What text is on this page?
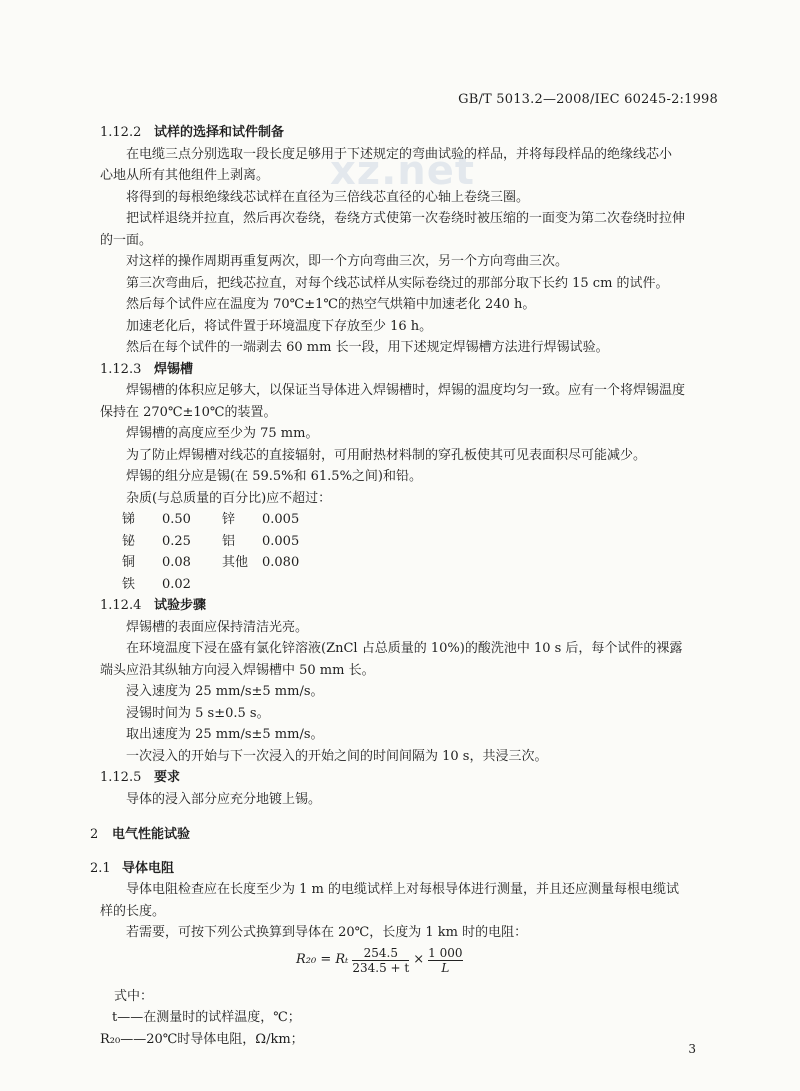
xz.net
GB/T 5013.2—2008/IEC 60245-2:1998

1.12.2 试样的选择和试件制备

在电缆三点分别选取一段长度足够用于下述规定的弯曲试验的样品，并将每段样品的绝缘线芯小

心地从所有其他组件上剥离。

将得到的每根绝缘线芯试样在直径为三倍线芯直径的心轴上卷绕三圈。

把试样退绕并拉直，然后再次卷绕，卷绕方式使第一次卷绕时被压缩的一面变为第二次卷绕时拉伸

的一面。

对这样的操作周期再重复两次，即一个方向弯曲三次，另一个方向弯曲三次。

第三次弯曲后，把线芯拉直，对每个线芯试样从实际卷绕过的那部分取下长约 15 cm 的试件。

然后每个试件应在温度为 70℃±1℃的热空气烘箱中加速老化 240 h。

加速老化后，将试件置于环境温度下存放至少 16 h。

然后在每个试件的一端剥去 60 mm 长一段，用下述规定焊锡槽方法进行焊锡试验。

1.12.3 焊锡槽

焊锡槽的体积应足够大，以保证当导体进入焊锡槽时，焊锡的温度均匀一致。应有一个将焊锡温度

保持在 270℃±10℃的装置。

焊锡槽的高度应至少为 75 mm。

为了防止焊锡槽对线芯的直接辐射，可用耐热材料制的穿孔板使其可见表面积尽可能减少。

焊锡的组分应是锡(在 59.5%和 61.5%之间)和铅。

杂质(与总质量的百分比)应不超过：

锑	0.50	锌	0.005
铋	0.25	铝	0.005
铜	0.08	其他	0.080
铁	0.02

1.12.4 试验步骤

焊锡槽的表面应保持清洁光亮。

在环境温度下浸在盛有氯化锌溶液(ZnCl 占总质量的 10%)的酸洗池中 10 s 后，每个试件的裸露

端头应沿其纵轴方向浸入焊锡槽中 50 mm 长。

浸入速度为 25 mm/s±5 mm/s。

浸锡时间为 5 s±0.5 s。

取出速度为 25 mm/s±5 mm/s。

一次浸入的开始与下一次浸入的开始之间的时间间隔为 10 s，共浸三次。

1.12.5 要求

导体的浸入部分应充分地镀上锡。

2 电气性能试验

2.1 导体电阻

导体电阻检查应在长度至少为 1 m 的电缆试样上对每根导体进行测量，并且还应测量每根电缆试

样的长度。

若需要，可按下列公式换算到导体在 20℃，长度为 1 km 时的电阻：

R₂₀ = Rₜ $\frac{254.5}{234.5 + t} \times \frac{1 000}{L}$

式中：

t——在测量时的试样温度，℃；

R₂₀——20℃时导体电阻，Ω/km；

3
